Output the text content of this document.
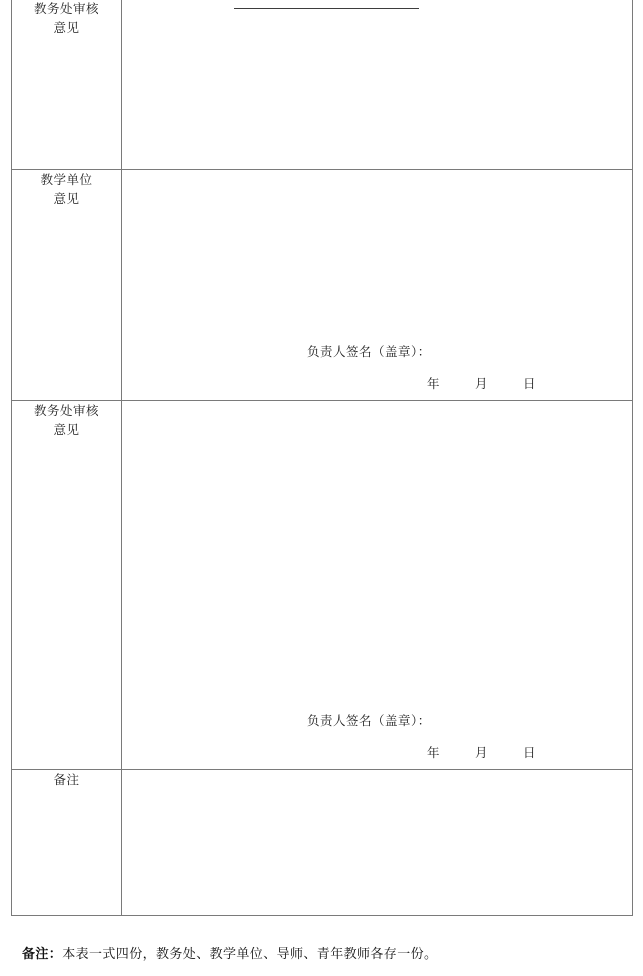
教务处审核
意见	

教学单位
意见

负责人签名（盖章）：
年	月	日

教务处审核
意见

负责人签名（盖章）：
年	月	日

备注	

备注：本表一式四份，教务处、教学单位、导师、青年教师各存一份。
